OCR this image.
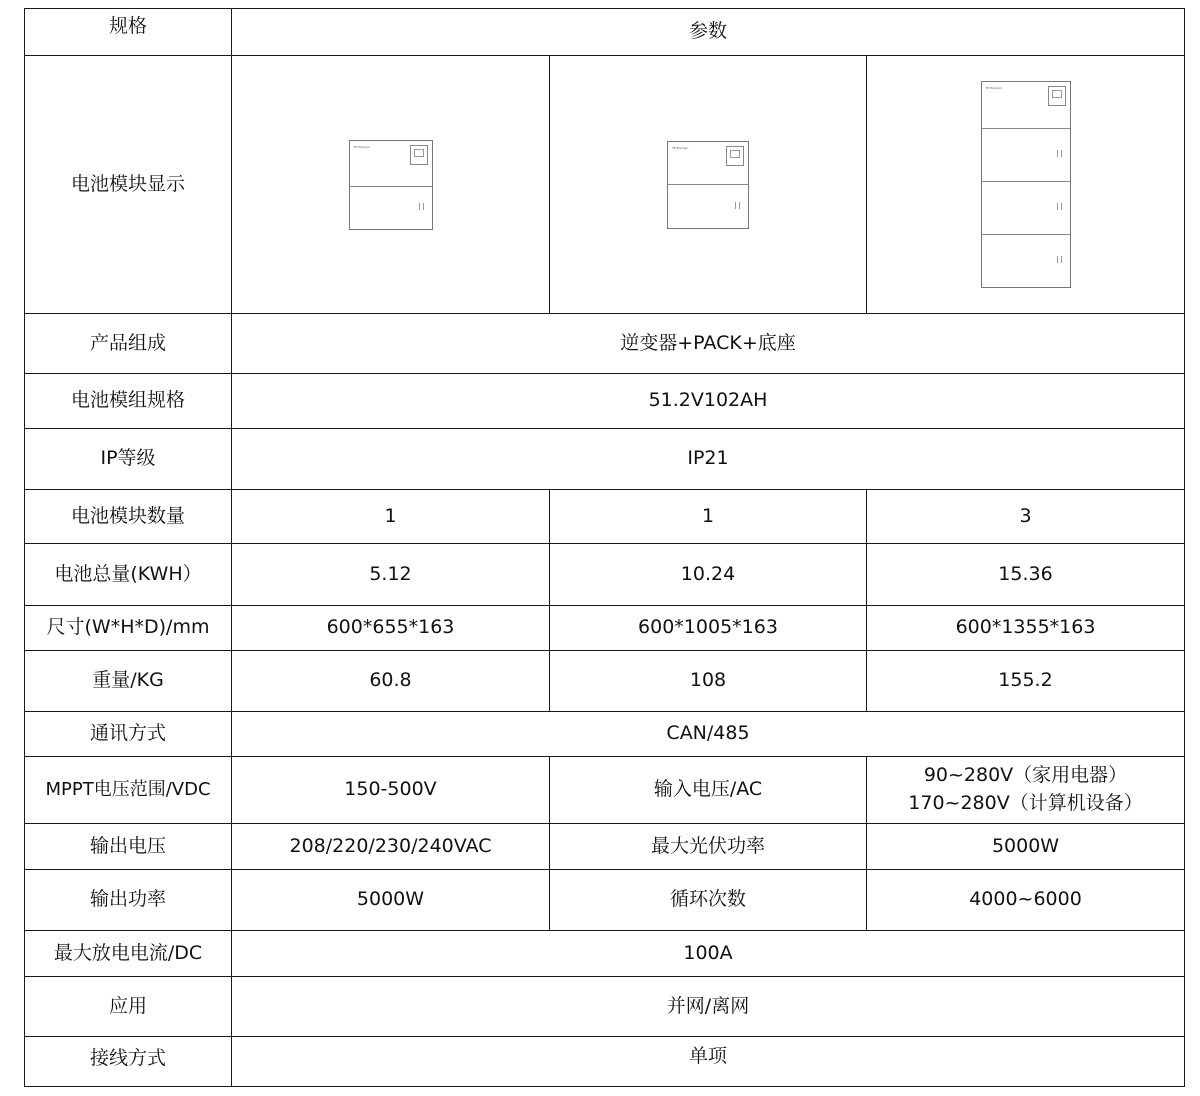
规格	参数		
电池模块显示	TP·Elecbyn	TP·Elecbyn	TP·Elecbyn

产品组成	逆变器+PACK+底座		
电池模组规格	51.2V102AH		
IP等级	IP21		
电池模块数量	1	1	3
电池总量(KWH）	5.12	10.24	15.36
尺寸(W*H*D)/mm	600*655*163	600*1005*163	600*1355*163
重量/KG	60.8	108	155.2
通讯方式	CAN/485		
MPPT电压范围/VDC	150-500V	输入电压/AC	90~280V（家用电器）
170~280V（计算机设备）

输出电压	208/220/230/240VAC	最大光伏功率	5000W
输出功率	5000W	循环次数	4000~6000
最大放电电流/DC	100A		
应用	并网/离网		
接线方式	单项		
